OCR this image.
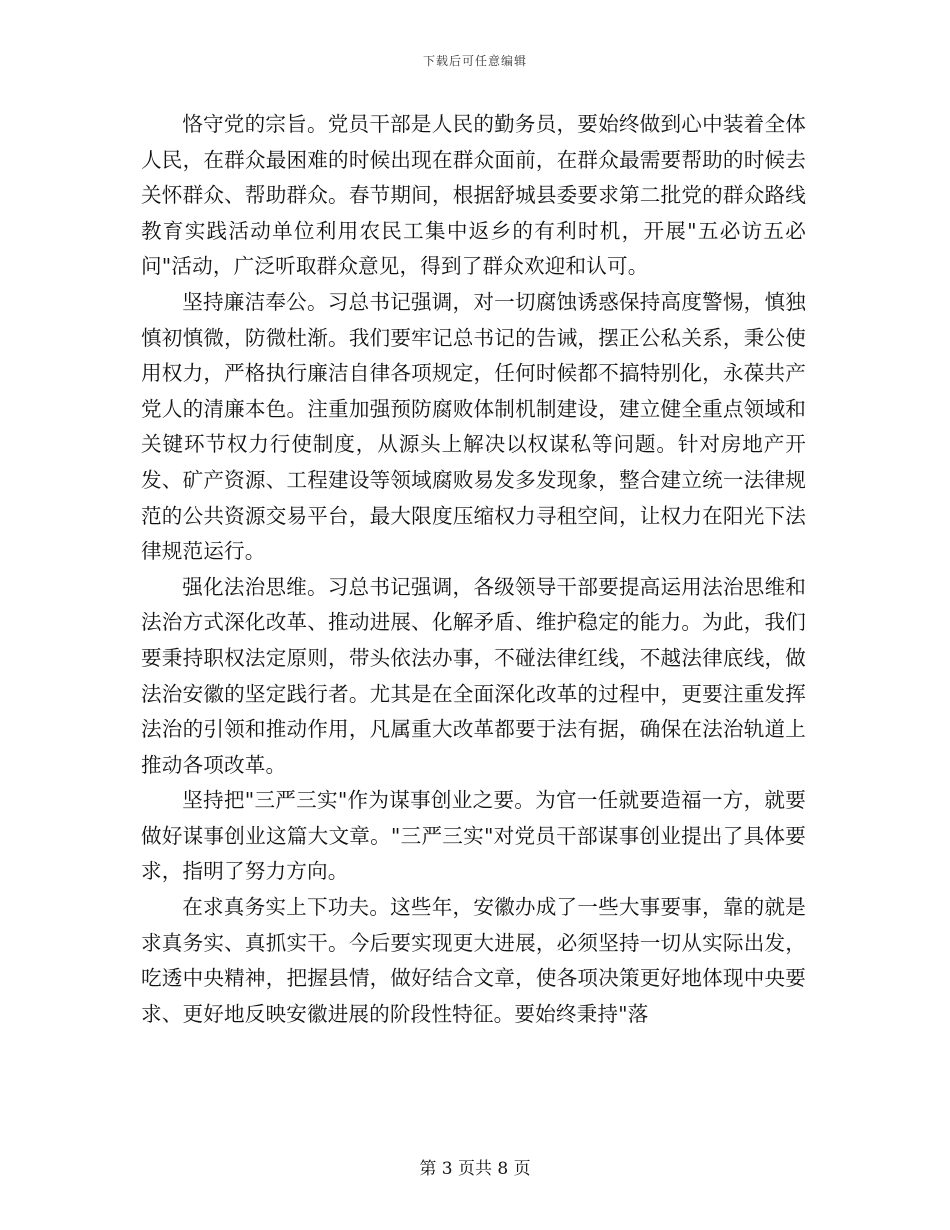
下载后可任意编辑

恪守党的宗旨。党员干部是人民的勤务员，要始终做到心中装着全体人民，在群众最困难的时候出现在群众面前，在群众最需要帮助的时候去关怀群众、帮助群众。春节期间，根据舒城县委要求第二批党的群众路线教育实践活动单位利用农民工集中返乡的有利时机，开展"五必访五必问"活动，广泛听取群众意见，得到了群众欢迎和认可。

坚持廉洁奉公。习总书记强调，对一切腐蚀诱惑保持高度警惕，慎独慎初慎微，防微杜渐。我们要牢记总书记的告诫，摆正公私关系，秉公使用权力，严格执行廉洁自律各项规定，任何时候都不搞特别化，永葆共产党人的清廉本色。注重加强预防腐败体制机制建设，建立健全重点领域和关键环节权力行使制度，从源头上解决以权谋私等问题。针对房地产开发、矿产资源、工程建设等领域腐败易发多发现象，整合建立统一法律规范的公共资源交易平台，最大限度压缩权力寻租空间，让权力在阳光下法律规范运行。

强化法治思维。习总书记强调，各级领导干部要提高运用法治思维和法治方式深化改革、推动进展、化解矛盾、维护稳定的能力。为此，我们要秉持职权法定原则，带头依法办事，不碰法律红线，不越法律底线，做法治安徽的坚定践行者。尤其是在全面深化改革的过程中，更要注重发挥法治的引领和推动作用，凡属重大改革都要于法有据，确保在法治轨道上推动各项改革。

坚持把"三严三实"作为谋事创业之要。为官一任就要造福一方，就要做好谋事创业这篇大文章。"三严三实"对党员干部谋事创业提出了具体要求，指明了努力方向。

在求真务实上下功夫。这些年，安徽办成了一些大事要事，靠的就是求真务实、真抓实干。今后要实现更大进展，必须坚持一切从实际出发，吃透中央精神，把握县情，做好结合文章，使各项决策更好地体现中央要求、更好地反映安徽进展的阶段性特征。要始终秉持"落

第 3 页共 8 页
